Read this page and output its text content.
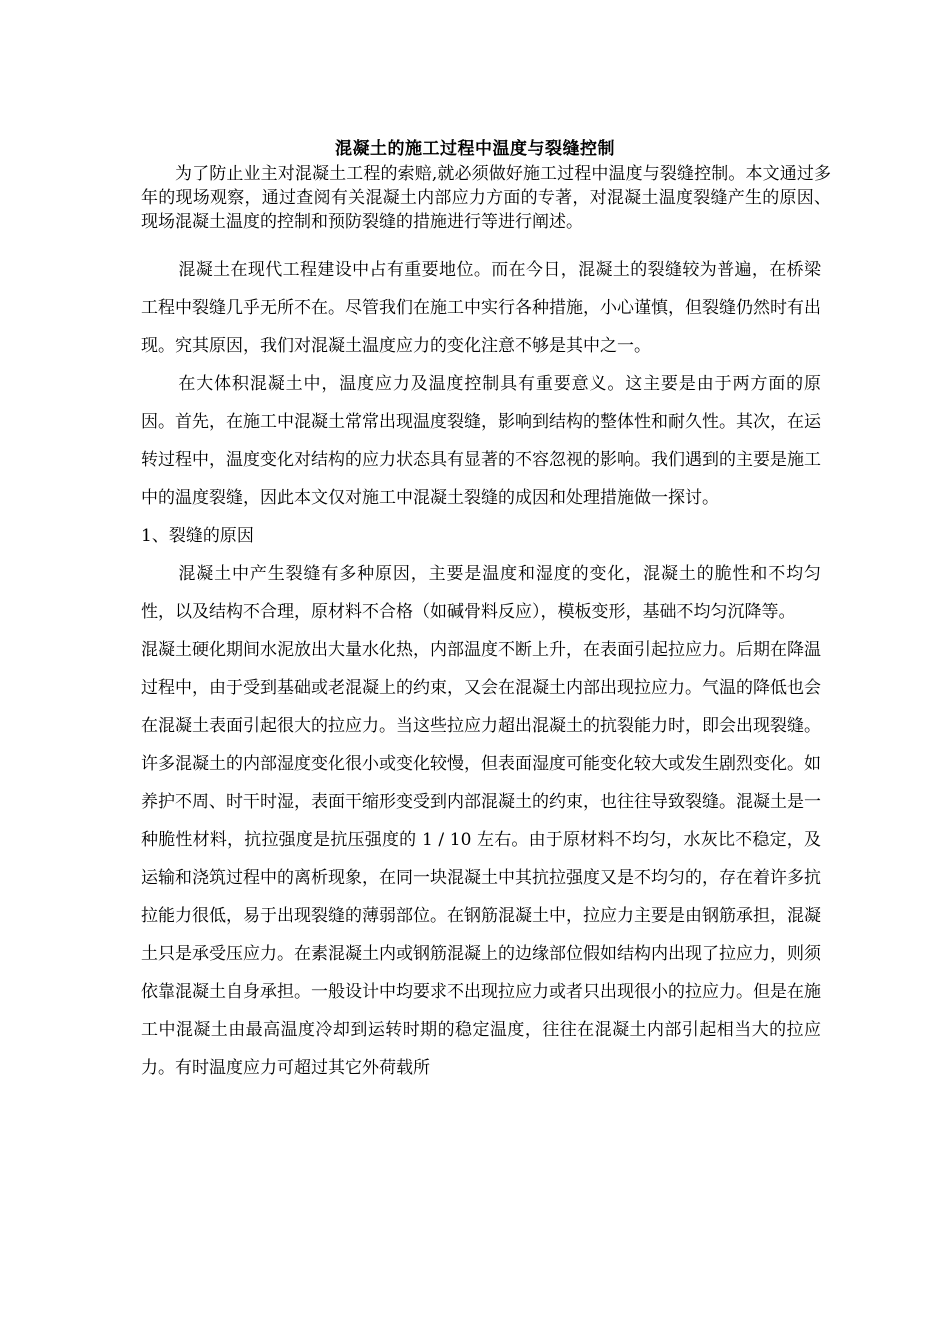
混凝土的施工过程中温度与裂缝控制

为了防止业主对混凝土工程的索赔,就必须做好施工过程中温度与裂缝控制。本文通过多年的现场观察，通过查阅有关混凝土内部应力方面的专著，对混凝土温度裂缝产生的原因、现场混凝土温度的控制和预防裂缝的措施进行等进行阐述。

混凝土在现代工程建设中占有重要地位。而在今日，混凝土的裂缝较为普遍，在桥梁工程中裂缝几乎无所不在。尽管我们在施工中实行各种措施，小心谨慎，但裂缝仍然时有出现。究其原因，我们对混凝土温度应力的变化注意不够是其中之一。

在大体积混凝土中，温度应力及温度控制具有重要意义。这主要是由于两方面的原因。首先，在施工中混凝土常常出现温度裂缝，影响到结构的整体性和耐久性。其次，在运转过程中，温度变化对结构的应力状态具有显著的不容忽视的影响。我们遇到的主要是施工中的温度裂缝，因此本文仅对施工中混凝土裂缝的成因和处理措施做一探讨。

1、裂缝的原因

混凝土中产生裂缝有多种原因，主要是温度和湿度的变化，混凝土的脆性和不均匀性，以及结构不合理，原材料不合格（如碱骨料反应），模板变形，基础不均匀沉降等。

混凝土硬化期间水泥放出大量水化热，内部温度不断上升，在表面引起拉应力。后期在降温过程中，由于受到基础或老混凝上的约束，又会在混凝土内部出现拉应力。气温的降低也会在混凝土表面引起很大的拉应力。当这些拉应力超出混凝土的抗裂能力时，即会出现裂缝。许多混凝土的内部湿度变化很小或变化较慢，但表面湿度可能变化较大或发生剧烈变化。如养护不周、时干时湿，表面干缩形变受到内部混凝土的约束，也往往导致裂缝。混凝土是一种脆性材料，抗拉强度是抗压强度的 1 / 10 左右。由于原材料不均匀，水灰比不稳定，及运输和浇筑过程中的离析现象，在同一块混凝土中其抗拉强度又是不均匀的，存在着许多抗拉能力很低，易于出现裂缝的薄弱部位。在钢筋混凝土中，拉应力主要是由钢筋承担，混凝土只是承受压应力。在素混凝土内或钢筋混凝上的边缘部位假如结构内出现了拉应力，则须依靠混凝土自身承担。一般设计中均要求不出现拉应力或者只出现很小的拉应力。但是在施工中混凝土由最高温度冷却到运转时期的稳定温度，往往在混凝土内部引起相当大的拉应力。有时温度应力可超过其它外荷载所
